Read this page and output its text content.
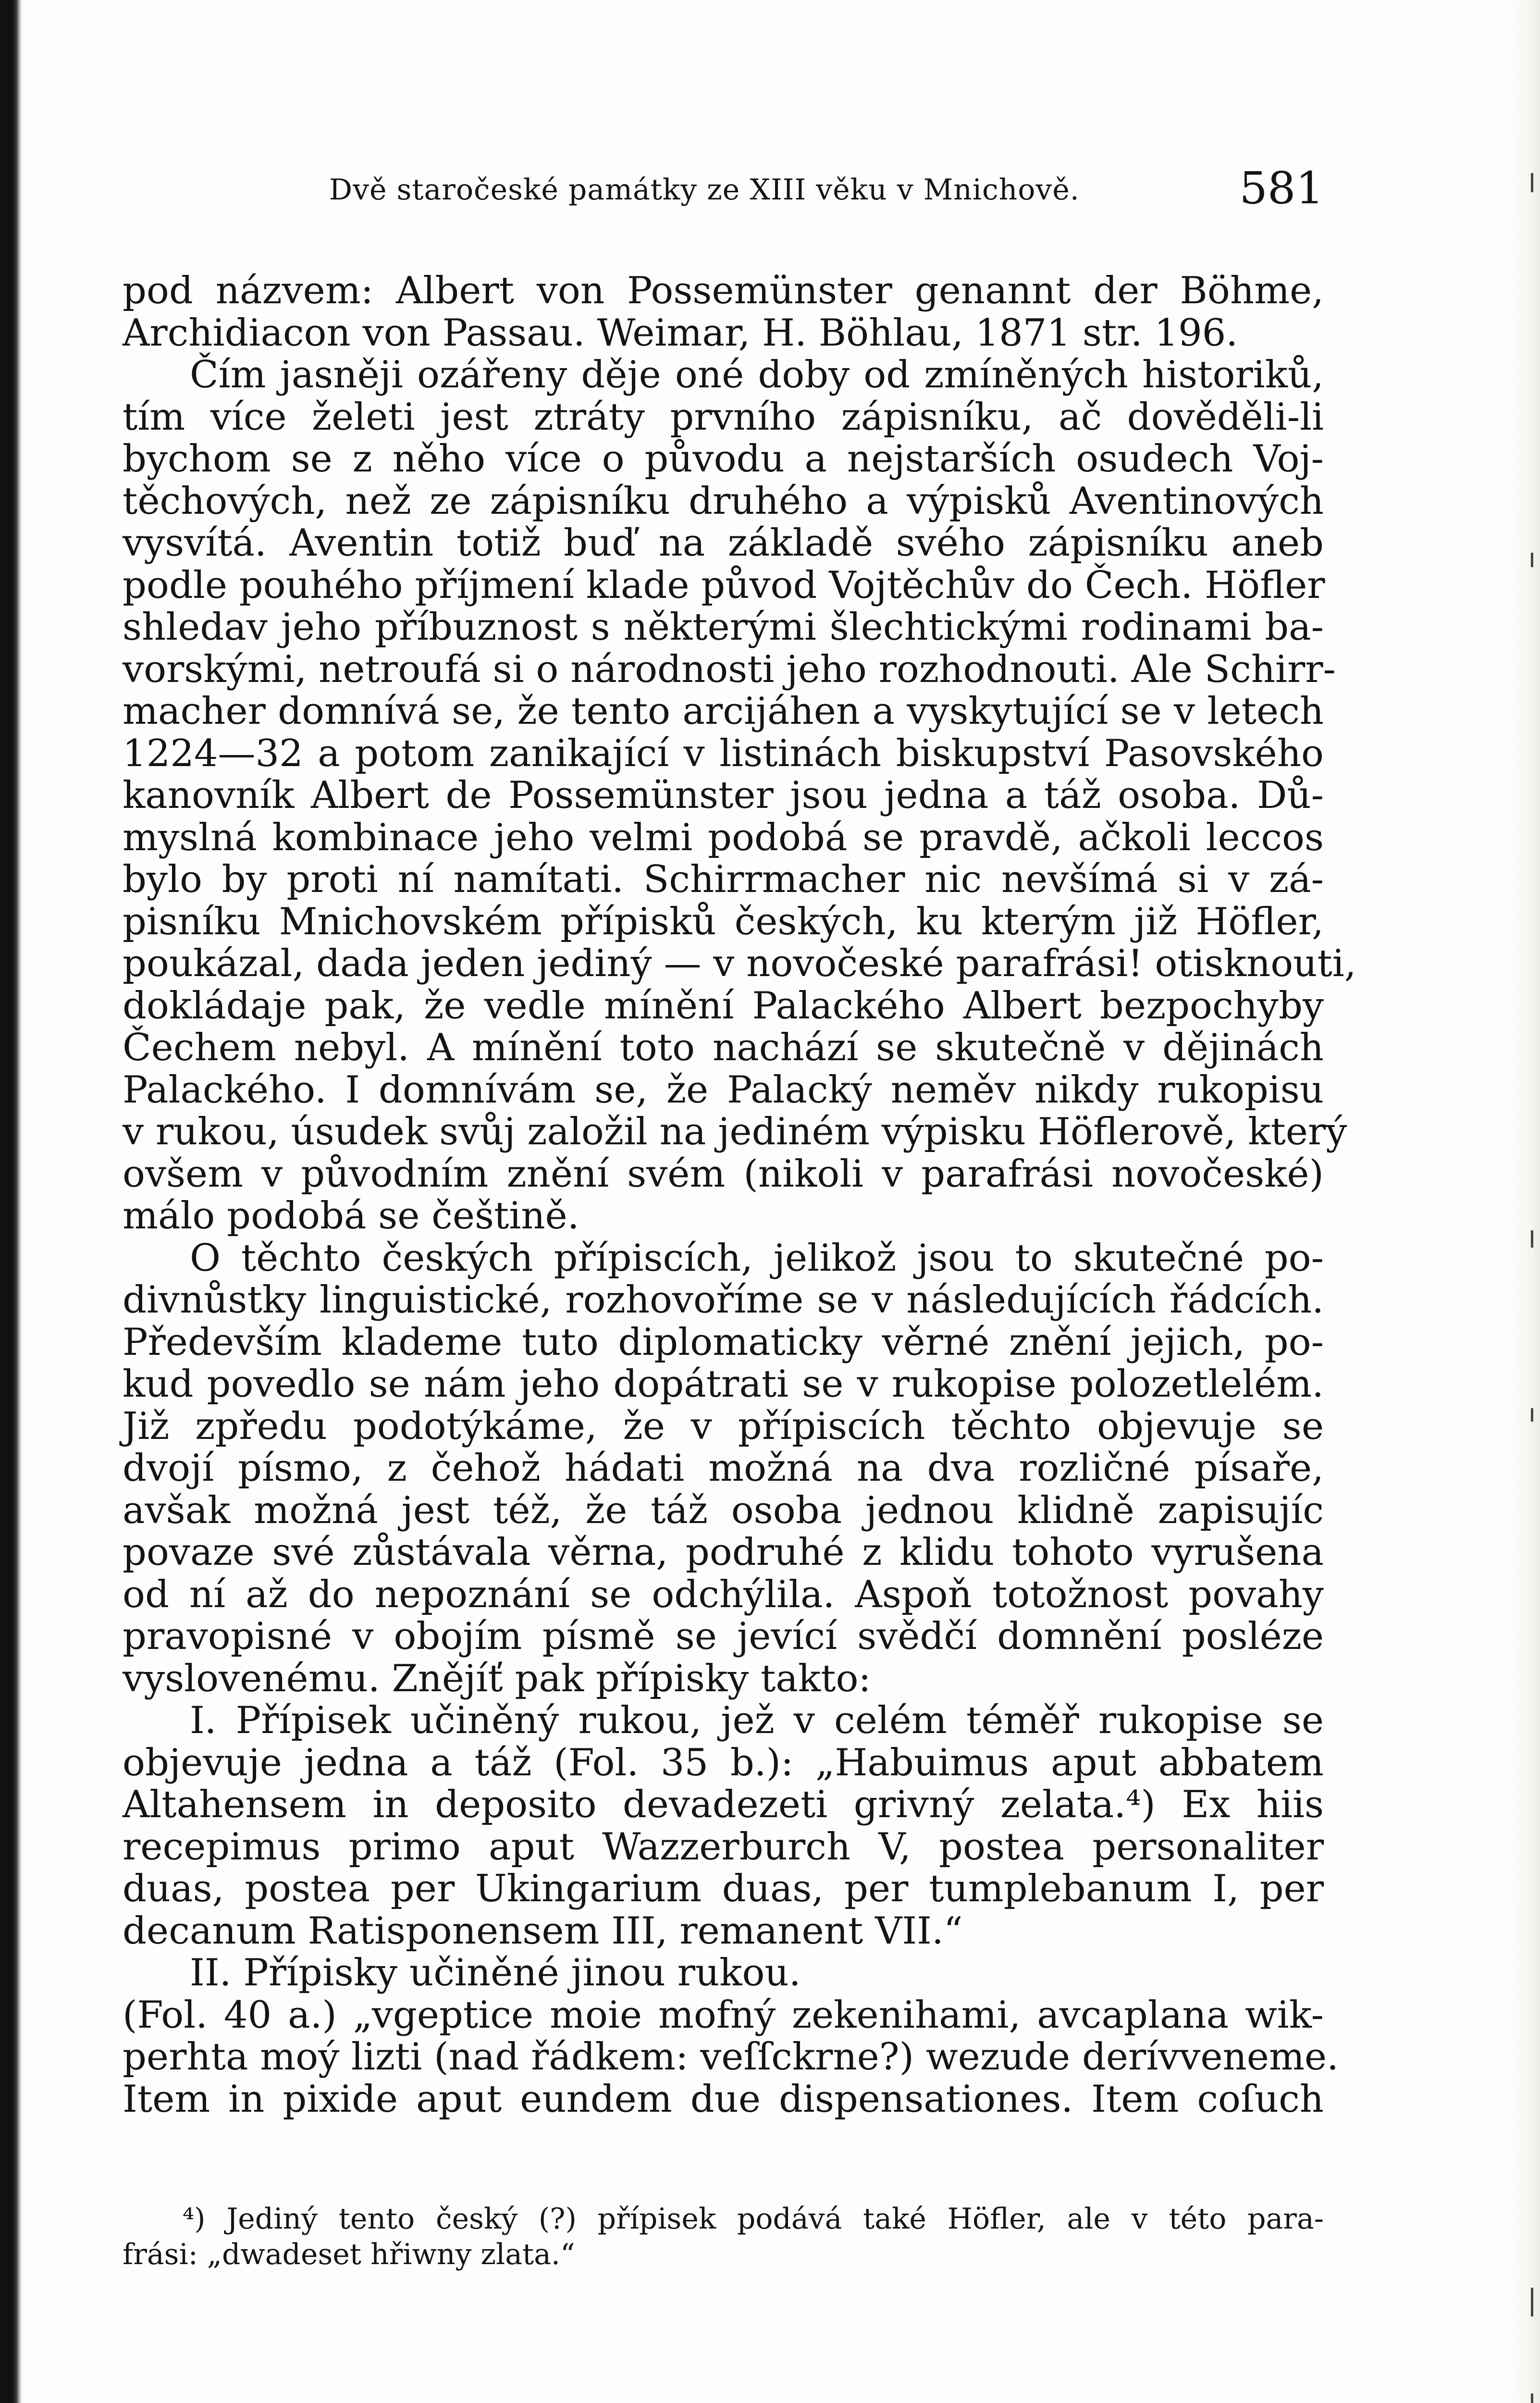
Dvě staročeské památky ze XIII věku v Mnichově.	581
pod názvem: Albert von Possemünster genannt der Böhme,
Archidiacon von Passau. Weimar, H. Böhlau, 1871 str. 196.
Čím jasněji ozářeny děje oné doby od zmíněných historiků,
tím více želeti jest ztráty prvního zápisníku, ač dověděli-li
bychom se z něho více o původu a nejstarších osudech Voj-
těchových, než ze zápisníku druhého a výpisků Aventinových
vysvítá. Aventin totiž buď na základě svého zápisníku aneb
podle pouhého příjmení klade původ Vojtěchův do Čech. Höfler
shledav jeho příbuznost s některými šlechtickými rodinami ba-
vorskými, netroufá si o národnosti jeho rozhodnouti. Ale Schirr-
macher domnívá se, že tento arcijáhen a vyskytující se v letech
1224—32 a potom zanikající v listinách biskupství Pasovského
kanovník Albert de Possemünster jsou jedna a táž osoba. Dů-
myslná kombinace jeho velmi podobá se pravdě, ačkoli leccos
bylo by proti ní namítati. Schirrmacher nic nevšímá si v zá-
pisníku Mnichovském přípisků českých, ku kterým již Höfler,
poukázal, dada jeden jediný — v novočeské parafrási! otisknouti,
dokládaje pak, že vedle mínění Palackého Albert bezpochyby
Čechem nebyl. A mínění toto nachází se skutečně v dějinách
Palackého. I domnívám se, že Palacký neměv nikdy rukopisu
v rukou, úsudek svůj založil na jediném výpisku Höflerově, který
ovšem v původním znění svém (nikoli v parafrási novočeské)
málo podobá se češtině.
O těchto českých přípiscích, jelikož jsou to skutečné po-
divnůstky linguistické, rozhovoříme se v následujících řádcích.
Především klademe tuto diplomaticky věrné znění jejich, po-
kud povedlo se nám jeho dopátrati se v rukopise polozetlelém.
Již zpředu podotýkáme, že v přípiscích těchto objevuje se
dvojí písmo, z čehož hádati možná na dva rozličné písaře,
avšak možná jest též, že táž osoba jednou klidně zapisujíc
povaze své zůstávala věrna, podruhé z klidu tohoto vyrušena
od ní až do nepoznání se odchýlila. Aspoň totožnost povahy
pravopisné v obojím písmě se jevící svědčí domnění posléze
vyslovenému. Znějíť pak přípisky takto:
I. Přípisek učiněný rukou, jež v celém téměř rukopise se
objevuje jedna a táž (Fol. 35 b.): „Habuimus aput abbatem
Altahensem in deposito devadezeti grivný zelata.⁴) Ex hiis
recepimus primo aput Wazzerburch V, postea personaliter
duas, postea per Ukingarium duas, per tumplebanum I, per
decanum Ratisponensem III, remanent VII.“
II. Přípisky učiněné jinou rukou.
(Fol. 40 a.) „vgeptice moie mofný zekenihami, avcaplana wik-
perhta moý lizti (nad řádkem: veſſckrne?) wezude derívveneme.
Item in pixide aput eundem due dispensationes. Item coſuch
⁴) Jediný tento český (?) přípisek podává také Höfler, ale v této para-
frási: „dwadeset hřiwny zlata.“
